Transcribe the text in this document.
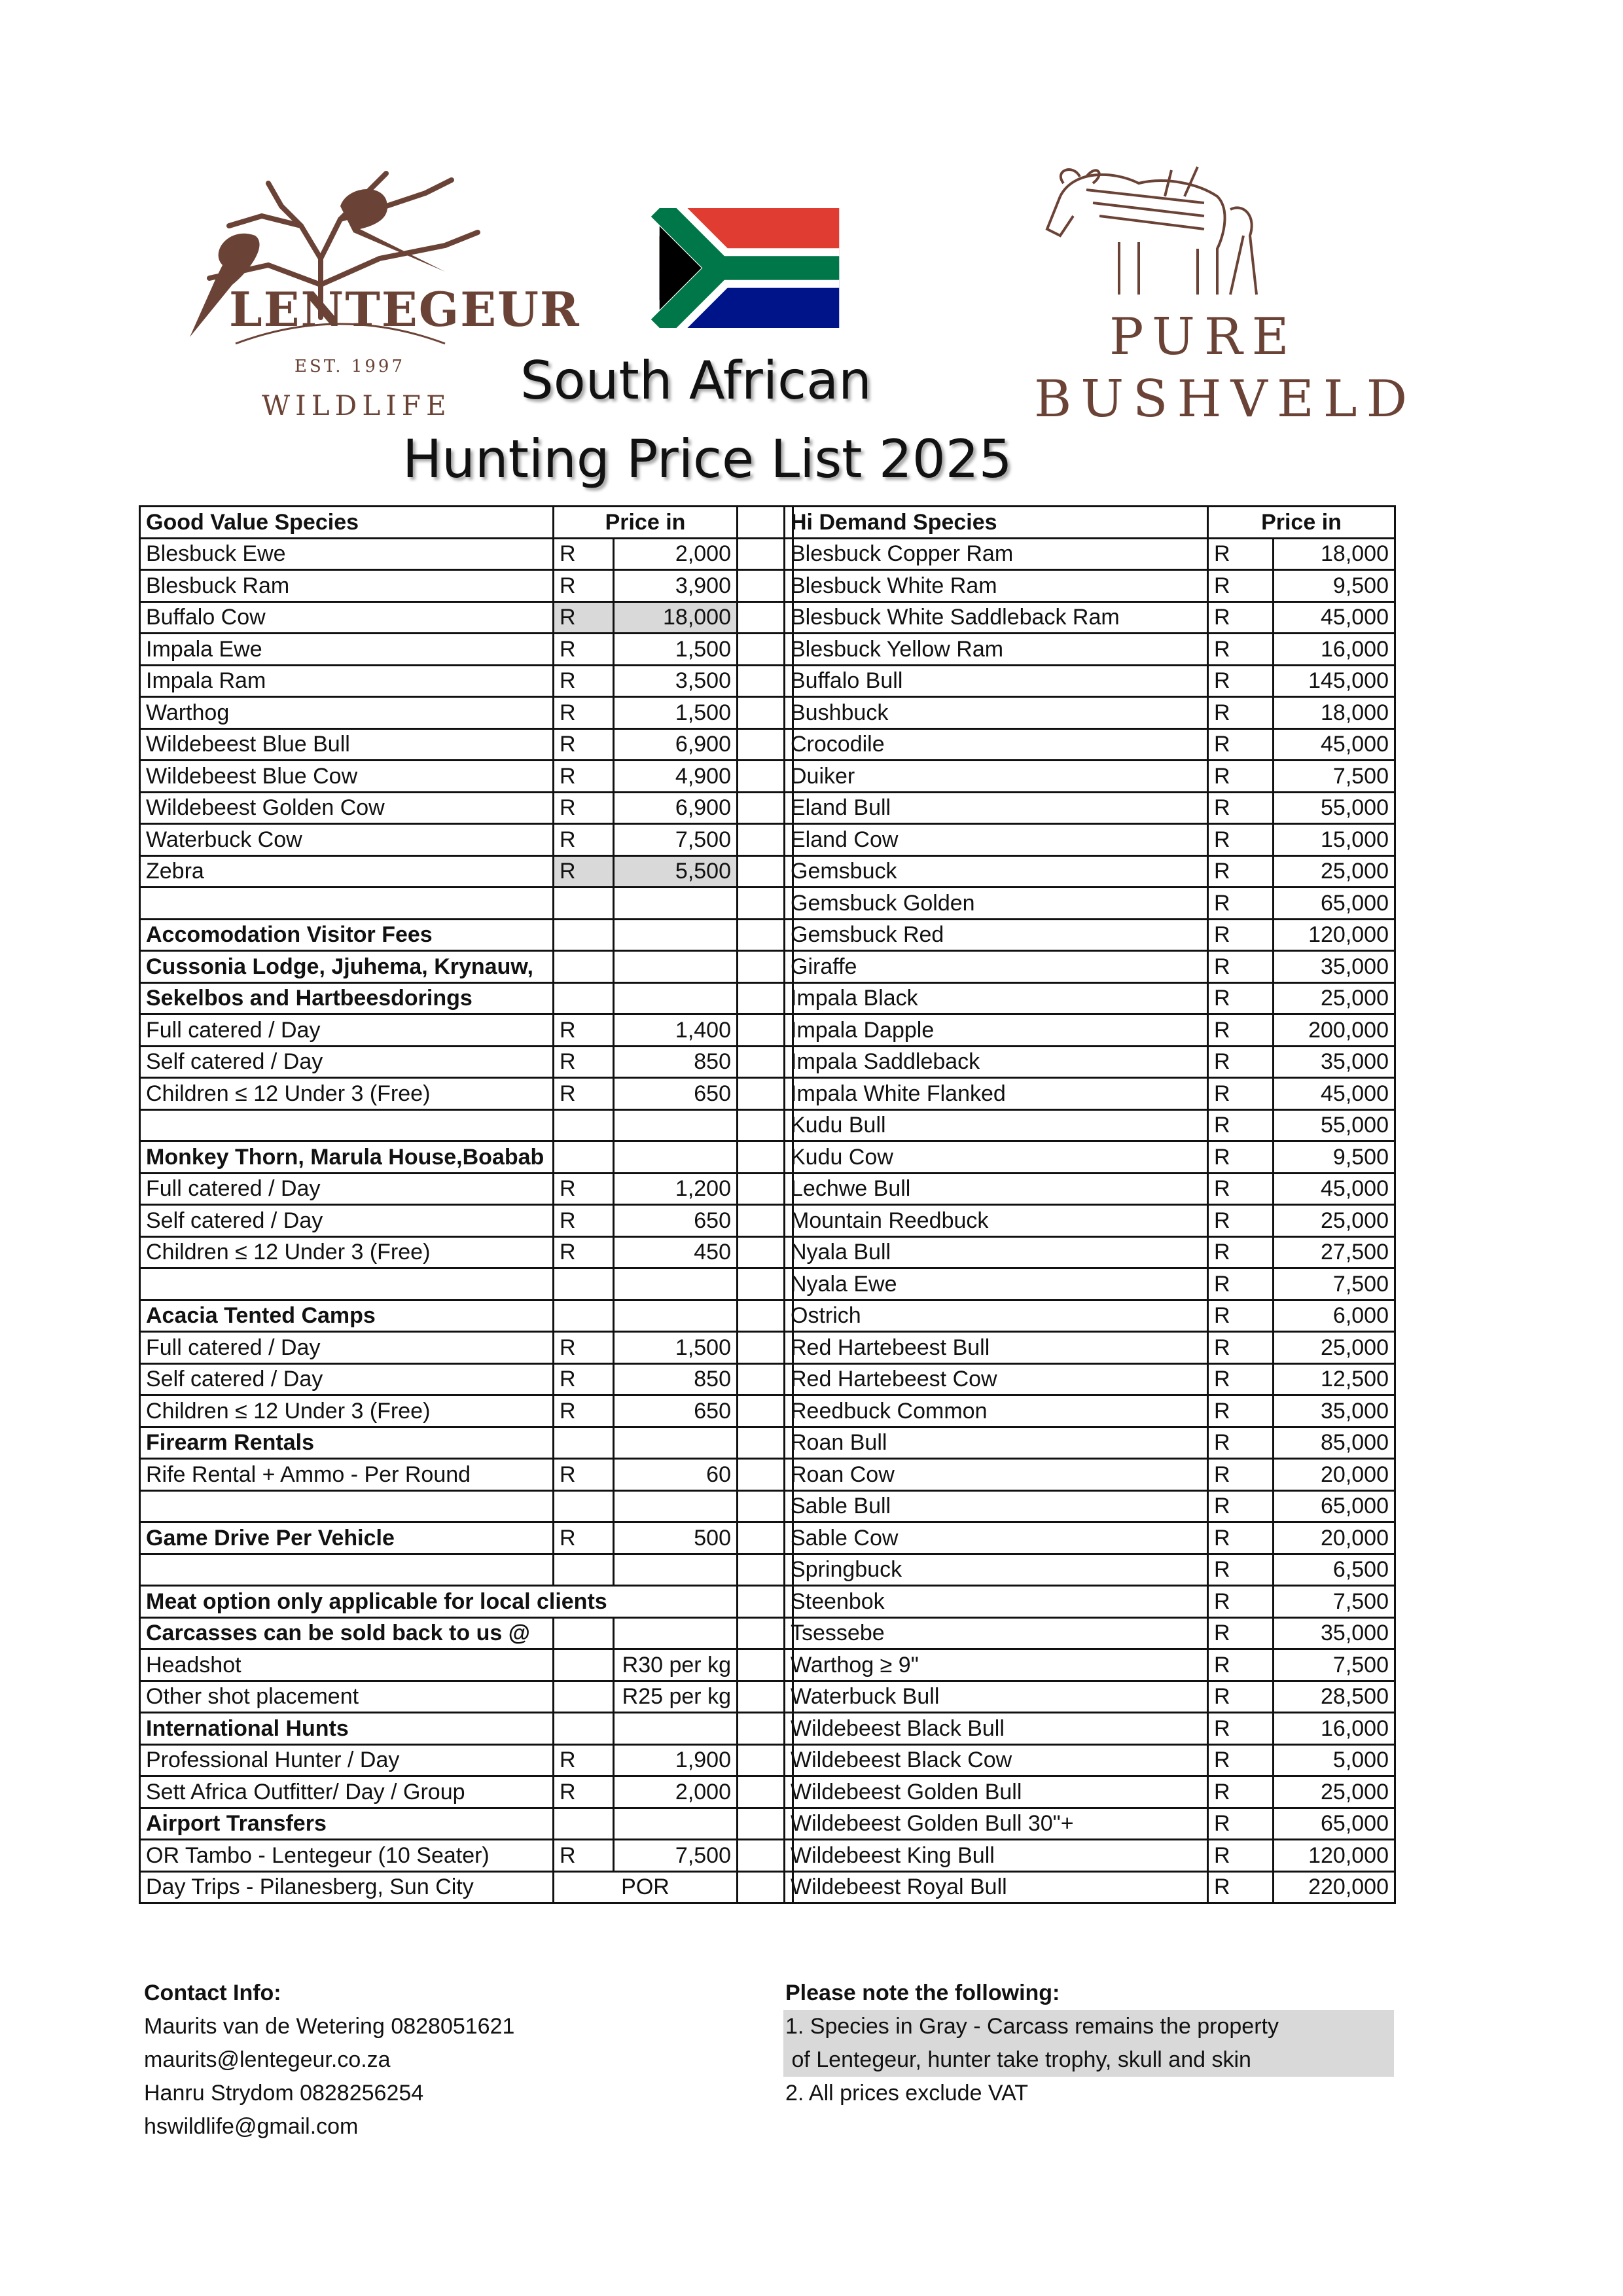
LENTEGEUR
EST. 1997
WILDLIFE
PURE
BUSHVELD
South African
Hunting Price List 2025
Good Value Species	Price in	
Blesbuck Ewe	R	2,000
Blesbuck Ram	R	3,900
Buffalo Cow	R	18,000
Impala Ewe	R	1,500
Impala Ram	R	3,500
Warthog	R	1,500
Wildebeest Blue Bull	R	6,900
Wildebeest Blue Cow	R	4,900
Wildebeest Golden Cow	R	6,900
Waterbuck Cow	R	7,500
Zebra	R	5,500

Accomodation Visitor Fees		
Cussonia Lodge, Jjuhema, Krynauw,		
Sekelbos and Hartbeesdorings		
Full catered / Day	R	1,400
Self catered / Day	R	850
Children ≤ 12 Under 3 (Free)	R	650

Monkey Thorn, Marula House,Boabab		
Full catered / Day	R	1,200
Self catered / Day	R	650
Children ≤ 12 Under 3 (Free)	R	450

Acacia Tented Camps		
Full catered / Day	R	1,500
Self catered / Day	R	850
Children ≤ 12 Under 3 (Free)	R	650
Firearm Rentals		
Rife Rental + Ammo - Per Round	R	60

Game Drive Per Vehicle	R	500

Meat option only applicable for local clients		
Carcasses can be sold back to us @		
Headshot		R30 per kg
Other shot placement		R25 per kg
International Hunts		
Professional Hunter / Day	R	1,900
Sett Africa Outfitter/ Day / Group	R	2,000
Airport Transfers		
OR Tambo - Lentegeur (10 Seater)	R	7,500
Day Trips - Pilanesberg, Sun City	POR	

Hi Demand Species	Price in	
Blesbuck Copper Ram	R	18,000
Blesbuck White Ram	R	9,500
Blesbuck White Saddleback Ram	R	45,000
Blesbuck Yellow Ram	R	16,000
Buffalo Bull	R	145,000
Bushbuck	R	18,000
Crocodile	R	45,000
Duiker	R	7,500
Eland Bull	R	55,000
Eland Cow	R	15,000
Gemsbuck	R	25,000
Gemsbuck Golden	R	65,000
Gemsbuck Red	R	120,000
Giraffe	R	35,000
Impala Black	R	25,000
Impala Dapple	R	200,000
Impala Saddleback	R	35,000
Impala White Flanked	R	45,000
Kudu Bull	R	55,000
Kudu Cow	R	9,500
Lechwe Bull	R	45,000
Mountain Reedbuck	R	25,000
Nyala Bull	R	27,500
Nyala Ewe	R	7,500
Ostrich	R	6,000
Red Hartebeest Bull	R	25,000
Red Hartebeest Cow	R	12,500
Reedbuck Common	R	35,000
Roan Bull	R	85,000
Roan Cow	R	20,000
Sable Bull	R	65,000
Sable Cow	R	20,000
Springbuck	R	6,500
Steenbok	R	7,500
Tsessebe	R	35,000
Warthog ≥ 9"	R	7,500
Waterbuck Bull	R	28,500
Wildebeest Black Bull	R	16,000
Wildebeest Black Cow	R	5,000
Wildebeest Golden Bull	R	25,000
Wildebeest Golden Bull 30"+	R	65,000
Wildebeest King Bull	R	120,000
Wildebeest Royal Bull	R	220,000
Contact Info:
Maurits van de Wetering 0828051621
maurits@lentegeur.co.za
Hanru Strydom 0828256254
hswildlife@gmail.com
Please note the following:
1. Species in Gray - Carcass remains the property
of Lentegeur, hunter take trophy, skull and skin
2. All prices exclude VAT
